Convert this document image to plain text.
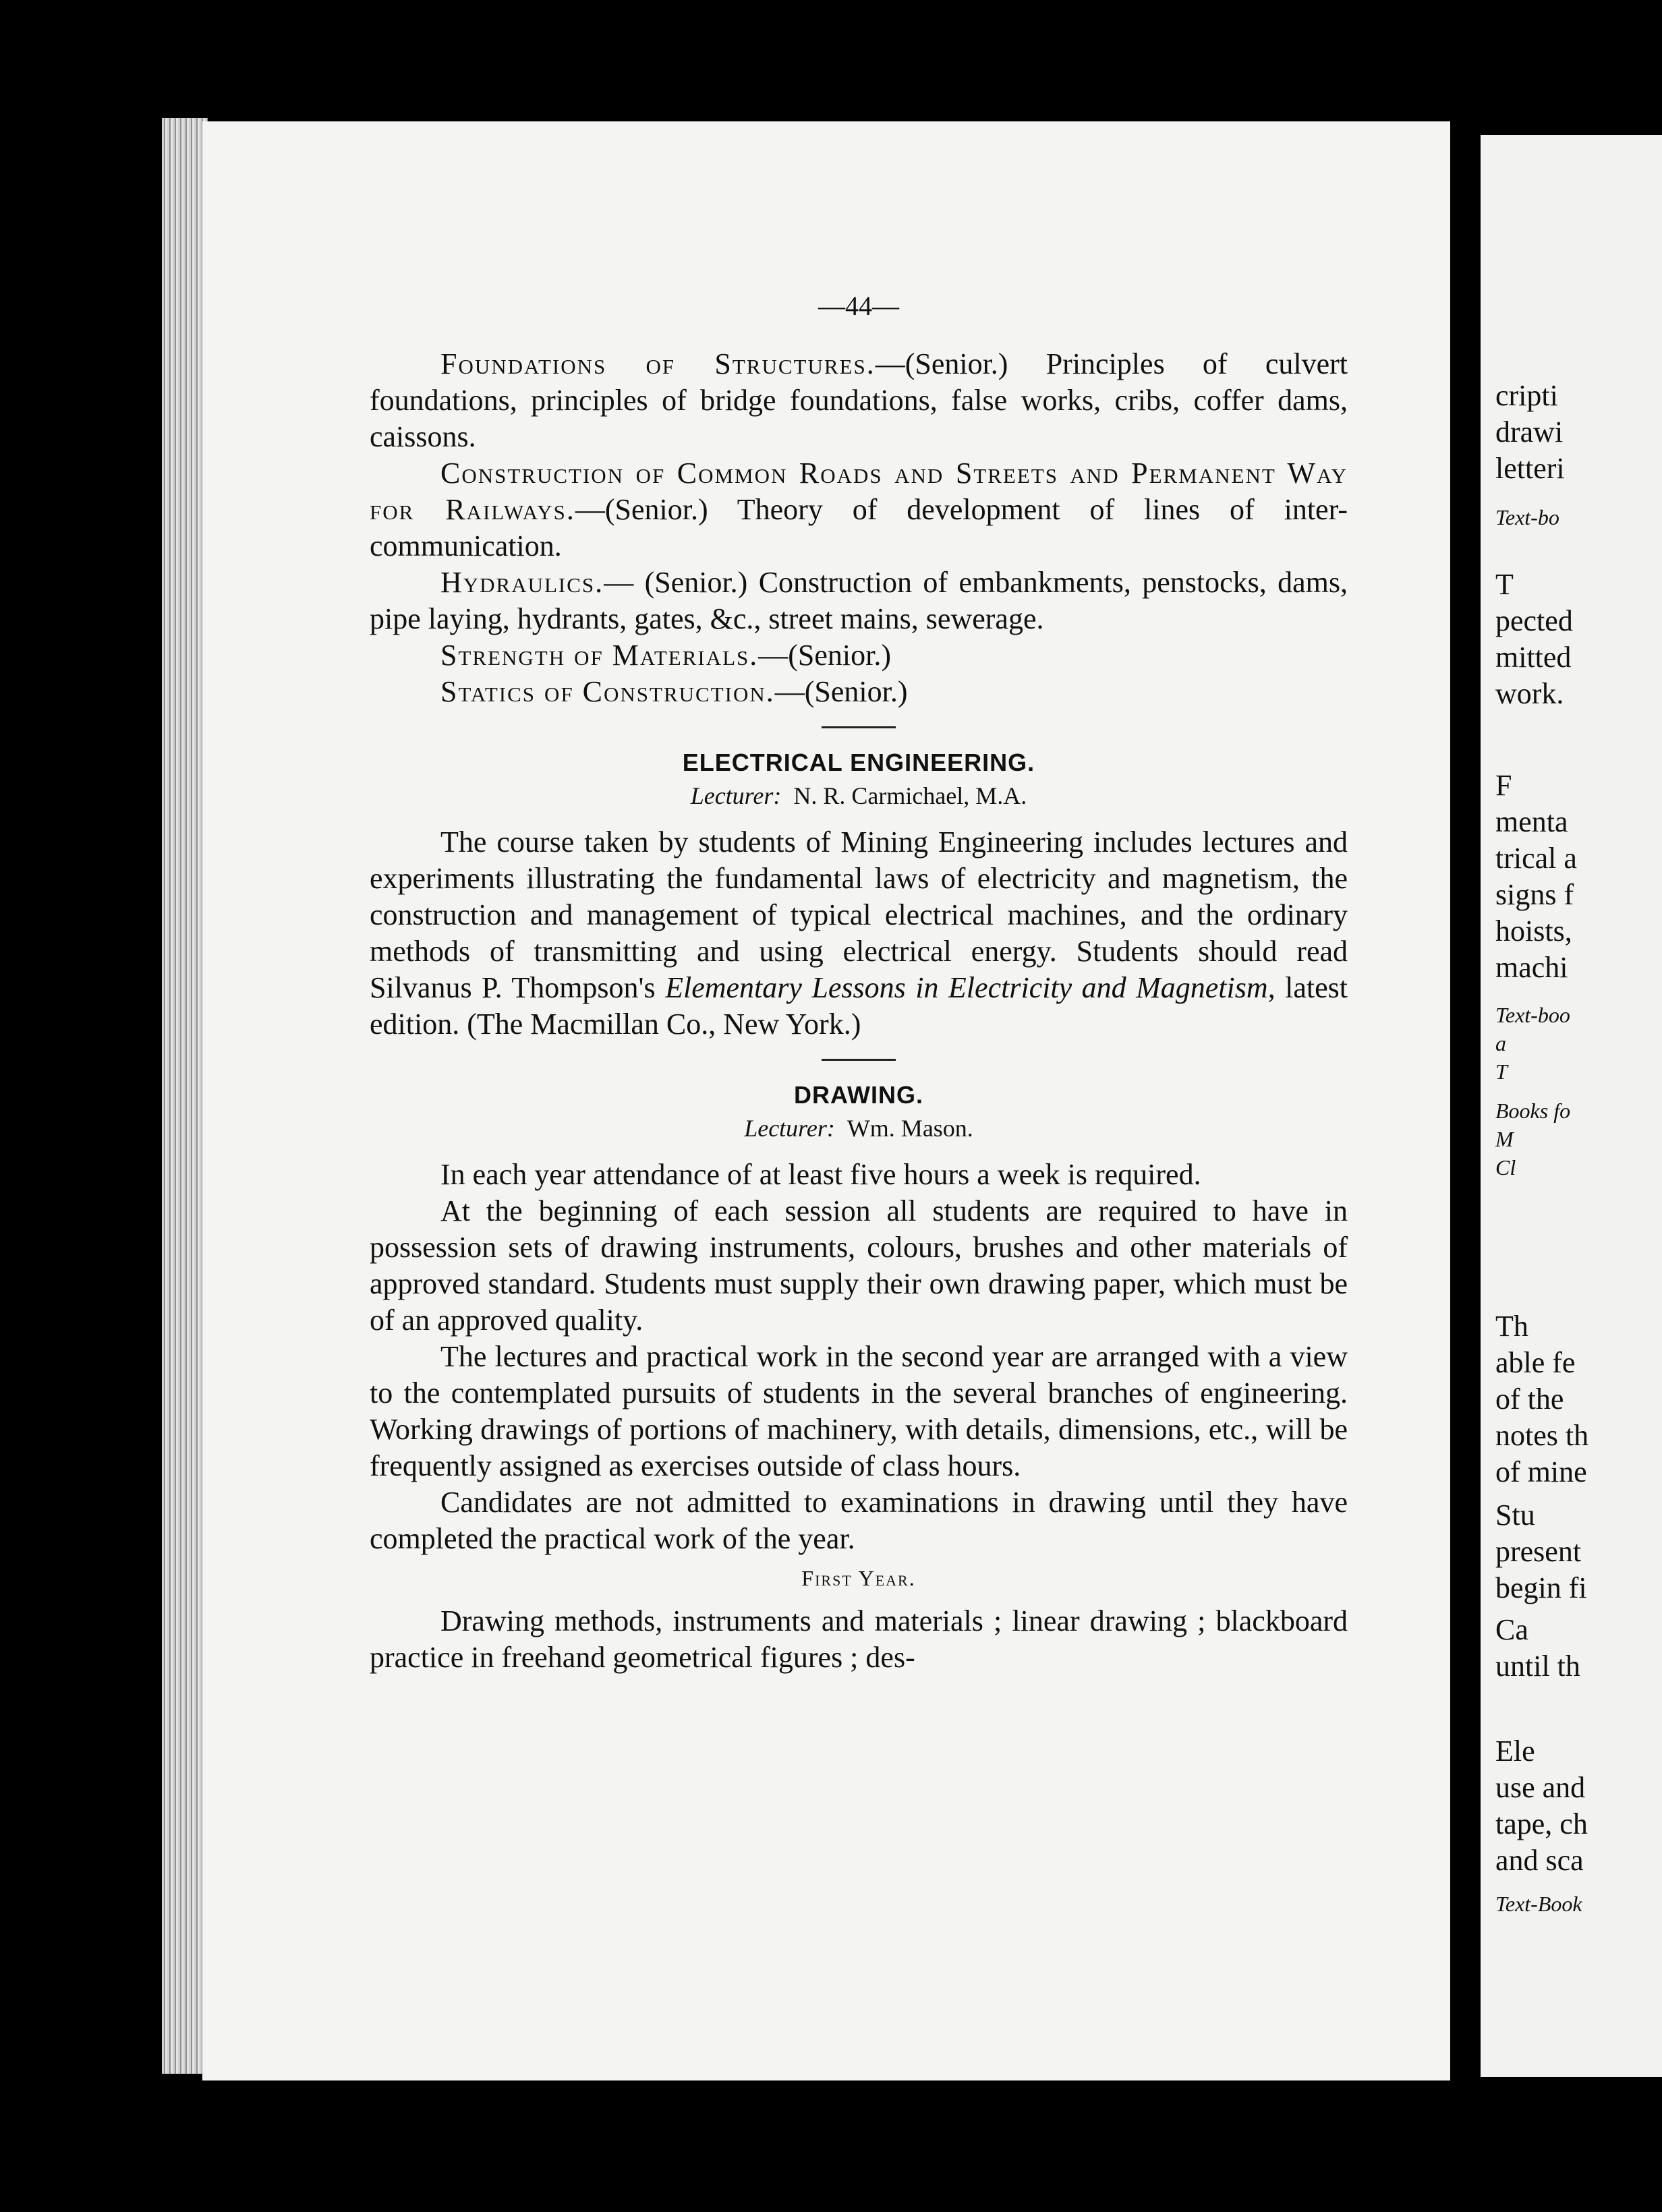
—44—

Foundations of Structures.—(Senior.) Principles of culvert foundations, principles of bridge foundations, false works, cribs, coffer dams, caissons.

Construction of Common Roads and Streets and Permanent Way for Railways.—(Senior.) Theory of development of lines of inter-communication.

Hydraulics.— (Senior.) Construction of embankments, penstocks, dams, pipe laying, hydrants, gates, &c., street mains, sewerage.

Strength of Materials.—(Senior.)

Statics of Construction.—(Senior.)

ELECTRICAL ENGINEERING.
Lecturer: N. R. Carmichael, M.A.

The course taken by students of Mining Engineering includes lectures and experiments illustrating the fundamental laws of electricity and magnetism, the construction and management of typical electrical machines, and the ordinary methods of transmitting and using electrical energy. Students should read Silvanus P. Thompson's Elementary Lessons in Electricity and Magnetism, latest edition. (The Macmillan Co., New York.)

DRAWING.
Lecturer: Wm. Mason.

In each year attendance of at least five hours a week is required.

At the beginning of each session all students are required to have in possession sets of drawing instruments, colours, brushes and other materials of approved standard. Students must supply their own drawing paper, which must be of an approved quality.

The lectures and practical work in the second year are arranged with a view to the contemplated pursuits of students in the several branches of engineering. Working drawings of portions of machinery, with details, dimensions, etc., will be frequently assigned as exercises outside of class hours.

Candidates are not admitted to examinations in drawing until they have completed the practical work of the year.

First Year.

Drawing methods, instruments and materials ; linear drawing ; blackboard practice in freehand geometrical figures ; des-

cripti
drawi
letteri
Text-bo
T
pected
mitted
work.
F
menta
trical a
signs f
hoists,
machi
Text-boo
a
T
Books fo
M
Cl
Th
able fe
of the
notes th
of mine
Stu
present
begin fi
Ca
until th
Ele
use and
tape, ch
and sca
Text-Book
